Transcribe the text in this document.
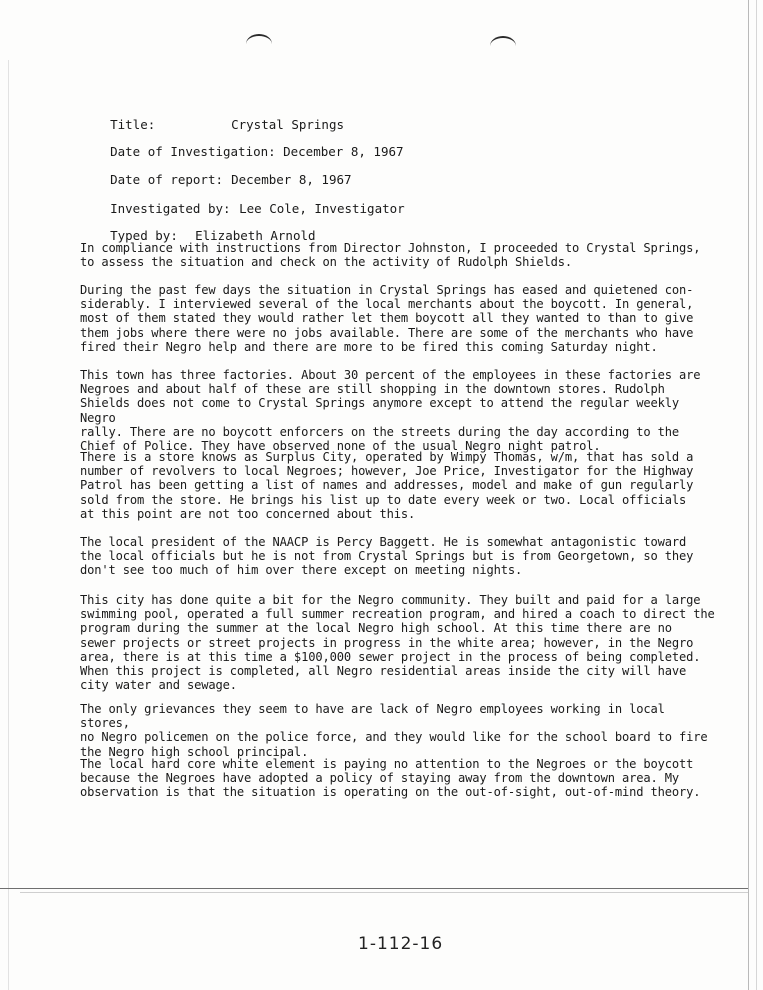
Title:	Crystal Springs

Date of Investigation: December 8, 1967

Date of report: December 8, 1967

Investigated by: Lee Cole, Investigator

Typed by: Elizabeth Arnold

In compliance with instructions from Director Johnston, I proceeded to Crystal Springs,
to assess the situation and check on the activity of Rudolph Shields.
During the past few days the situation in Crystal Springs has eased and quietened con-
siderably. I interviewed several of the local merchants about the boycott. In general,
most of them stated they would rather let them boycott all they wanted to than to give
them jobs where there were no jobs available. There are some of the merchants who have
fired their Negro help and there are more to be fired this coming Saturday night.
This town has three factories. About 30 percent of the employees in these factories are
Negroes and about half of these are still shopping in the downtown stores. Rudolph
Shields does not come to Crystal Springs anymore except to attend the regular weekly Negro
rally. There are no boycott enforcers on the streets during the day according to the
Chief of Police. They have observed none of the usual Negro night patrol.
There is a store knows as Surplus City, operated by Wimpy Thomas, w/m, that has sold a
number of revolvers to local Negroes; however, Joe Price, Investigator for the Highway
Patrol has been getting a list of names and addresses, model and make of gun regularly
sold from the store. He brings his list up to date every week or two. Local officials
at this point are not too concerned about this.
The local president of the NAACP is Percy Baggett. He is somewhat antagonistic toward
the local officials but he is not from Crystal Springs but is from Georgetown, so they
don't see too much of him over there except on meeting nights.
This city has done quite a bit for the Negro community. They built and paid for a large
swimming pool, operated a full summer recreation program, and hired a coach to direct the
program during the summer at the local Negro high school. At this time there are no
sewer projects or street projects in progress in the white area; however, in the Negro
area, there is at this time a $100,000 sewer project in the process of being completed.
When this project is completed, all Negro residential areas inside the city will have
city water and sewage.
The only grievances they seem to have are lack of Negro employees working in local stores,
no Negro policemen on the police force, and they would like for the school board to fire
the Negro high school principal.
The local hard core white element is paying no attention to the Negroes or the boycott
because the Negroes have adopted a policy of staying away from the downtown area. My
observation is that the situation is operating on the out-of-sight, out-of-mind theory.
1-112-16
